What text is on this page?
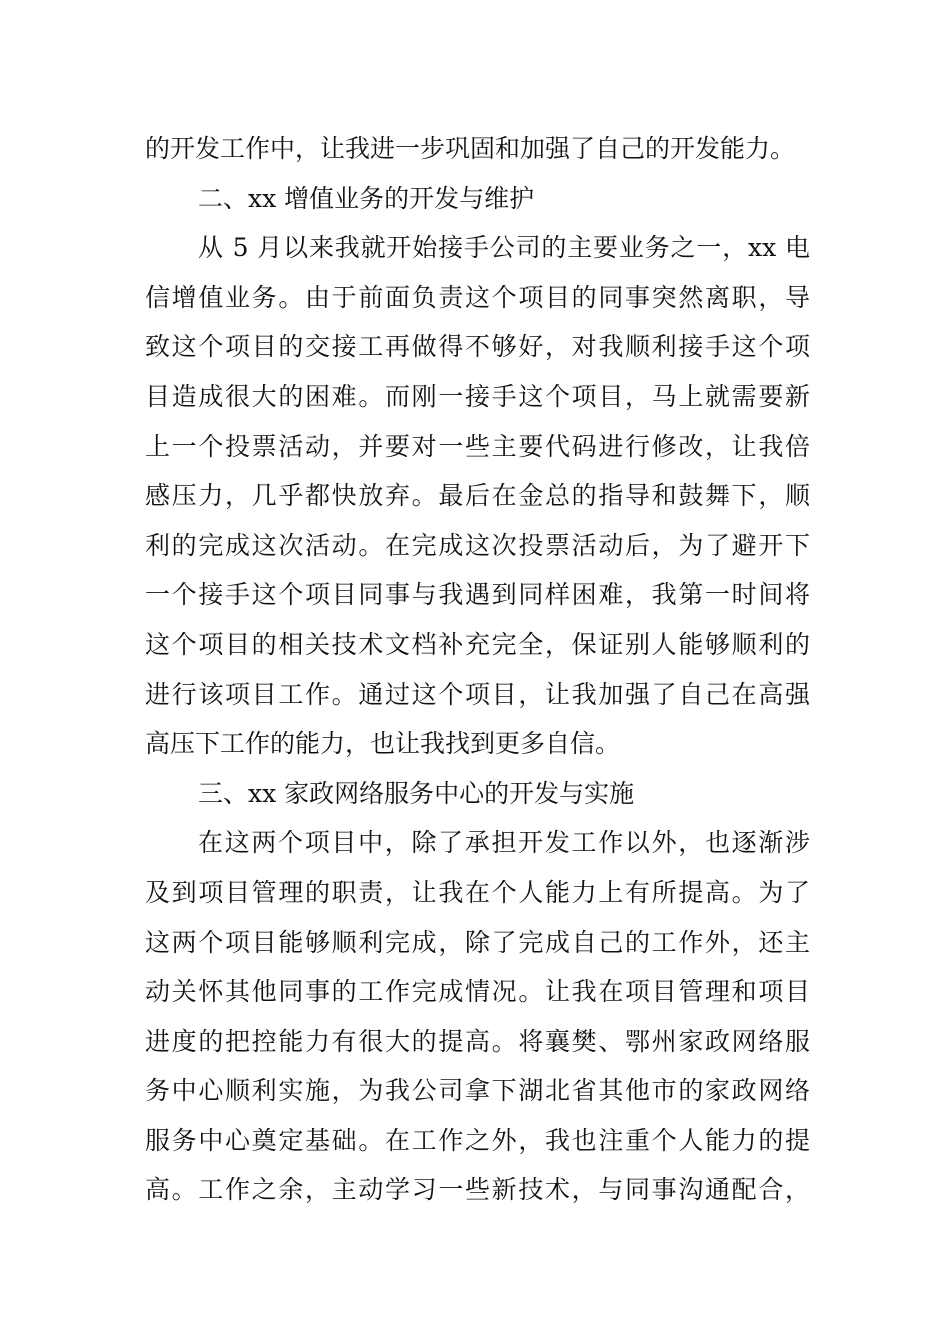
的开发工作中，让我进一步巩固和加强了自己的开发能力。
二、xx 增值业务的开发与维护
从 5 月以来我就开始接手公司的主要业务之一，xx 电
信增值业务。由于前面负责这个项目的同事突然离职，导
致这个项目的交接工再做得不够好，对我顺利接手这个项
目造成很大的困难。而刚一接手这个项目，马上就需要新
上一个投票活动，并要对一些主要代码进行修改，让我倍
感压力，几乎都快放弃。最后在金总的指导和鼓舞下，顺
利的完成这次活动。在完成这次投票活动后，为了避开下
一个接手这个项目同事与我遇到同样困难，我第一时间将
这个项目的相关技术文档补充完全，保证别人能够顺利的
进行该项目工作。通过这个项目，让我加强了自己在高强
高压下工作的能力，也让我找到更多自信。
三、xx 家政网络服务中心的开发与实施
在这两个项目中，除了承担开发工作以外，也逐渐涉
及到项目管理的职责，让我在个人能力上有所提高。为了
这两个项目能够顺利完成，除了完成自己的工作外，还主
动关怀其他同事的工作完成情况。让我在项目管理和项目
进度的把控能力有很大的提高。将襄樊、鄂州家政网络服
务中心顺利实施，为我公司拿下湖北省其他市的家政网络
服务中心奠定基础。在工作之外，我也注重个人能力的提
高。工作之余，主动学习一些新技术，与同事沟通配合，
